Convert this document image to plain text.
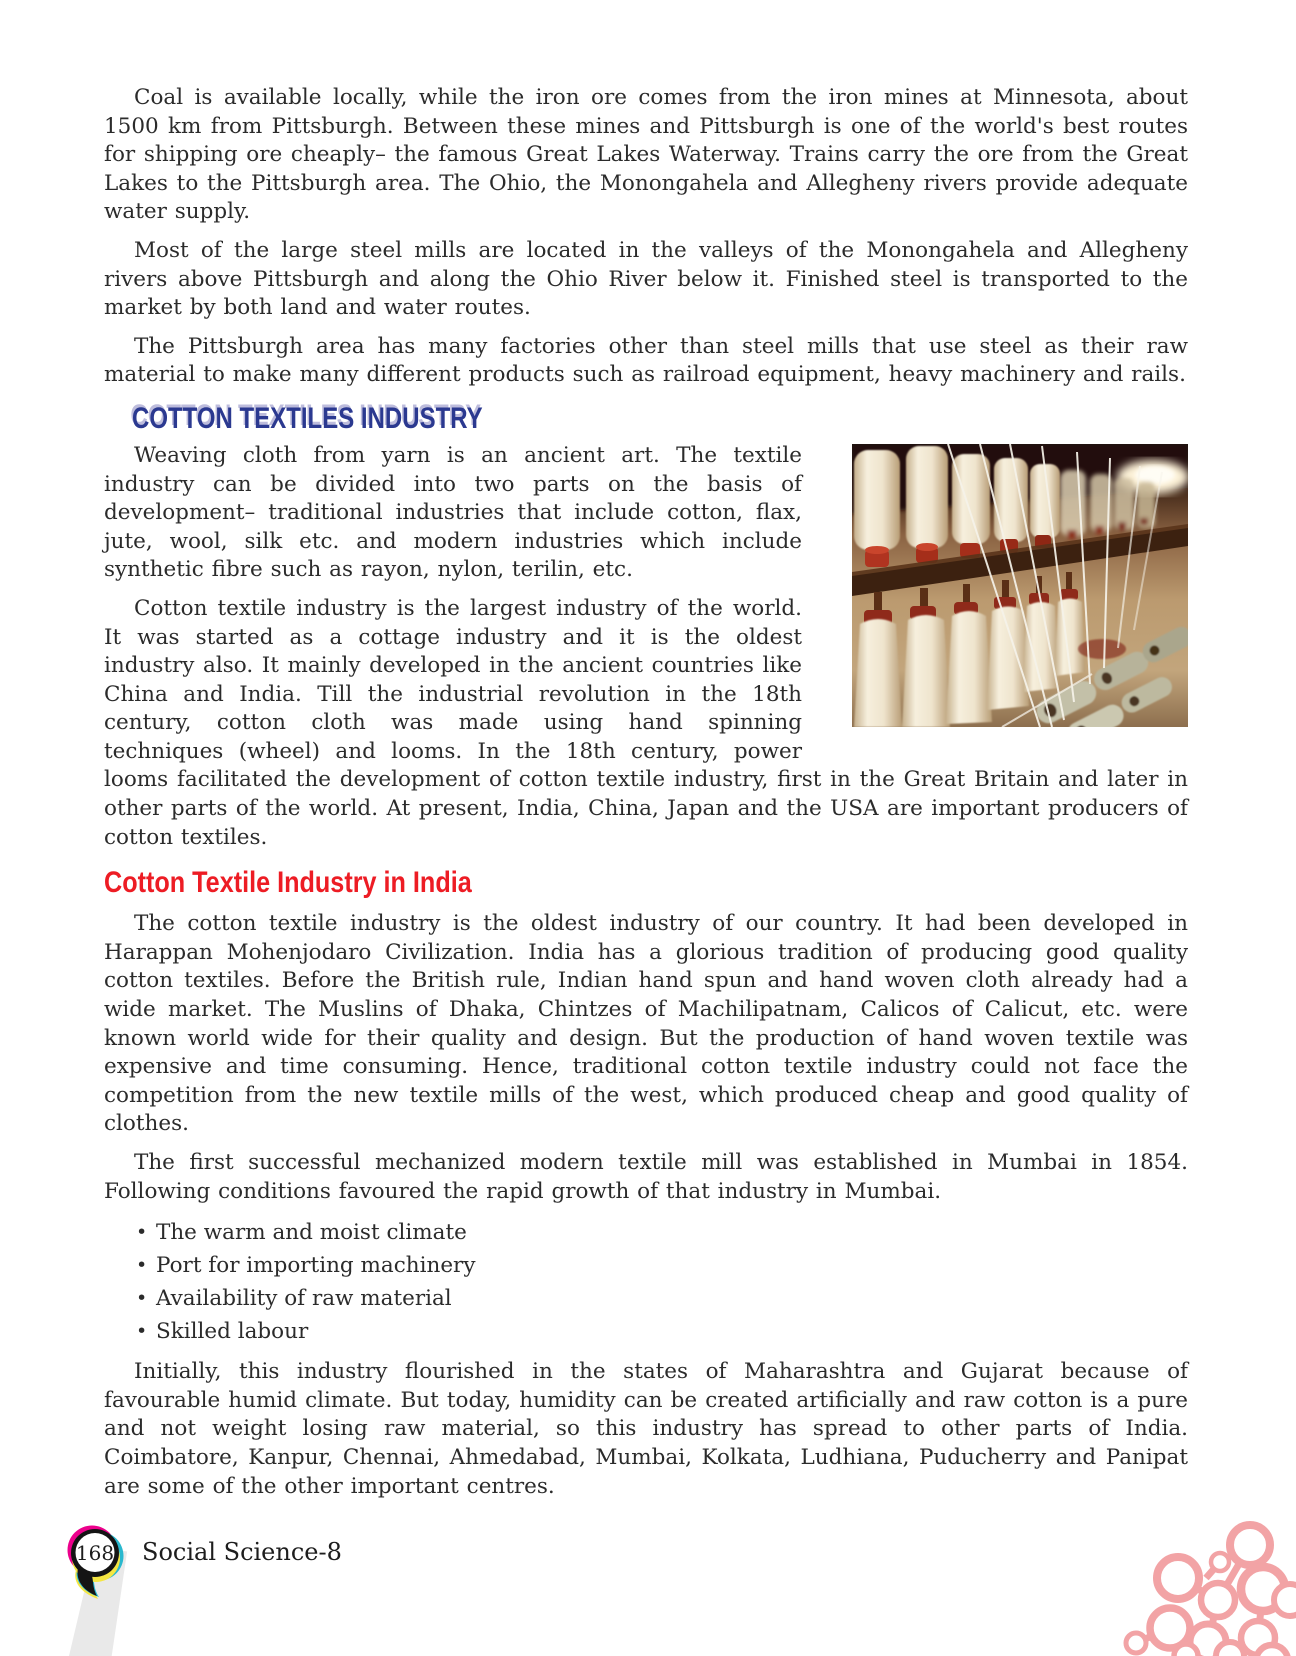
Coal is available locally, while the iron ore comes from the iron mines at Minnesota, about 1500 km from Pittsburgh. Between these mines and Pittsburgh is one of the world's best routes for shipping ore cheaply– the famous Great Lakes Waterway. Trains carry the ore from the Great Lakes to the Pittsburgh area. The Ohio, the Monongahela and Allegheny rivers provide adequate water supply.

Most of the large steel mills are located in the valleys of the Monongahela and Allegheny rivers above Pittsburgh and along the Ohio River below it. Finished steel is transported to the market by both land and water routes.

The Pittsburgh area has many factories other than steel mills that use steel as their raw material to make many different products such as railroad equipment, heavy machinery and rails.

COTTON TEXTILES INDUSTRY

Weaving cloth from yarn is an ancient art. The textile industry can be divided into two parts on the basis of development– traditional industries that include cotton, flax, jute, wool, silk etc. and modern industries which include synthetic fibre such as rayon, nylon, terilin, etc.

Cotton textile industry is the largest industry of the world. It was started as a cottage industry and it is the oldest industry also. It mainly developed in the ancient countries like China and India. Till the industrial revolution in the 18th century, cotton cloth was made using hand spinning techniques (wheel) and looms. In the 18th century, power looms facilitated the development of cotton textile industry, first in the Great Britain and later in other parts of the world. At present, India, China, Japan and the USA are important producers of cotton textiles.

Cotton Textile Industry in India

The cotton textile industry is the oldest industry of our country. It had been developed in Harappan Mohenjodaro Civilization. India has a glorious tradition of producing good quality cotton textiles. Before the British rule, Indian hand spun and hand woven cloth already had a wide market. The Muslins of Dhaka, Chintzes of Machilipatnam, Calicos of Calicut, etc. were known world wide for their quality and design. But the production of hand woven textile was expensive and time consuming. Hence, traditional cotton textile industry could not face the competition from the new textile mills of the west, which produced cheap and good quality of clothes.

The first successful mechanized modern textile mill was established in Mumbai in 1854. Following conditions favoured the rapid growth of that industry in Mumbai.

• The warm and moist climate
• Port for importing machinery
• Availability of raw material
• Skilled labour

Initially, this industry flourished in the states of Maharashtra and Gujarat because of favourable humid climate. But today, humidity can be created artificially and raw cotton is a pure and not weight losing raw material, so this industry has spread to other parts of India. Coimbatore, Kanpur, Chennai, Ahmedabad, Mumbai, Kolkata, Ludhiana, Puducherry and Panipat are some of the other important centres.

168 Social Science-8
